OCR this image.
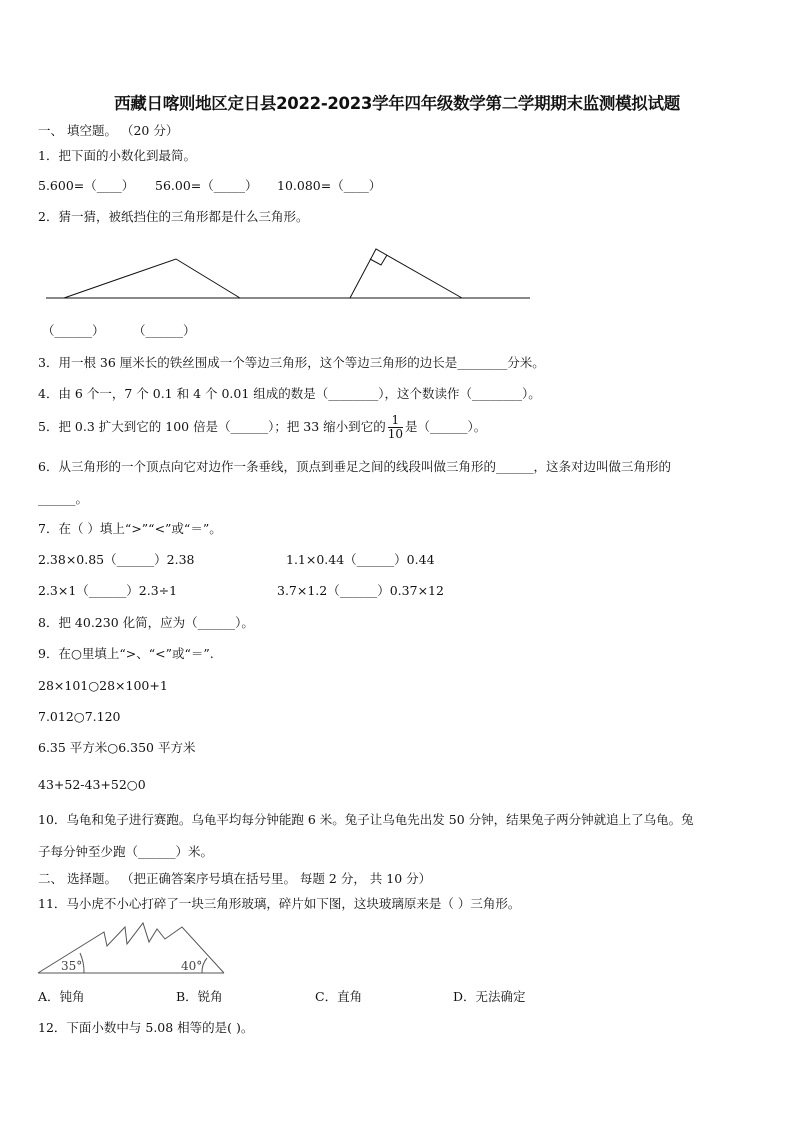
西藏日喀则地区定日县2022-2023学年四年级数学第二学期期末监测模拟试题
一、 填空题。 （20 分）
1．把下面的小数化到最简。
5.600=（____） 56.00=（_____） 10.080=（____）
2．猜一猜，被纸挡住的三角形都是什么三角形。
（______） （______）
3．用一根 36 厘米长的铁丝围成一个等边三角形，这个等边三角形的边长是________分米。
4．由 6 个一，7 个 0.1 和 4 个 0.01 组成的数是（________），这个数读作（________）。
5．把 0.3 扩大到它的 100 倍是（______）；把 33 缩小到它的 $\frac{1}{10}$ 是（______）。
6．从三角形的一个顶点向它对边作一条垂线，顶点到垂足之间的线段叫做三角形的______，这条对边叫做三角形的
______。
7．在（ ）填上“>”“<”或“＝”。
2.38×0.85（______）2.38	1.1×0.44（______）0.44
2.3×1（______）2.3÷1	3.7×1.2（______）0.37×12
8．把 40.230 化简，应为（______）。
9．在○里填上“>、“<”或“＝”.
28×101○28×100+1
7.012○7.120
6.35 平方米○6.350 平方米
43+52-43+52○0
10．乌龟和兔子进行赛跑。乌龟平均每分钟能跑 6 米。兔子让乌龟先出发 50 分钟，结果兔子两分钟就追上了乌龟。兔
子每分钟至少跑（______）米。
二、 选择题。 （把正确答案序号填在括号里。 每题 2 分， 共 10 分）
11．马小虎不小心打碎了一块三角形玻璃，碎片如下图，这块玻璃原来是（ ）三角形。
35°	40°
A．钝角	B．锐角	C．直角	D．无法确定
12．下面小数中与 5.08 相等的是( )。
